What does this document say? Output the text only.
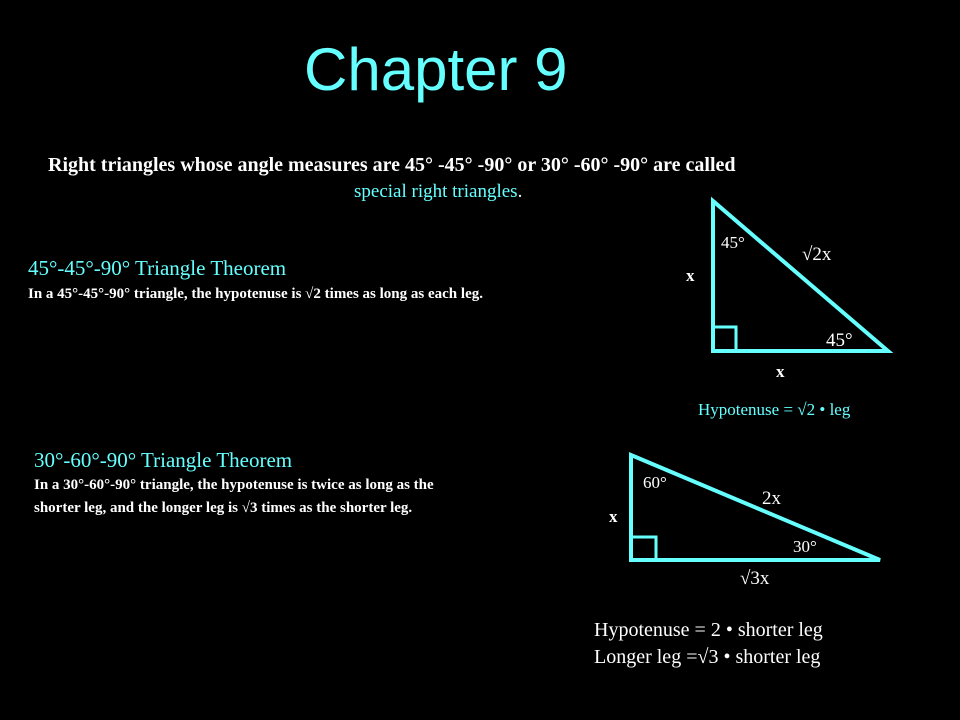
Chapter 9
Right triangles whose angle measures are 45° -45° -90° or 30° -60° -90° are called
special right triangles.
45°-45°-90° Triangle Theorem
In a 45°-45°-90° triangle, the hypotenuse is √2 times as long as each leg.
30°-60°-90° Triangle Theorem
In a 30°-60°-90° triangle, the hypotenuse is twice as long as the
shorter leg, and the longer leg is √3 times as the shorter leg.
45°
√2x
x
45°
x
Hypotenuse = √2 • leg
60°
2x
x
30°
√3x
Hypotenuse = 2 • shorter leg
Longer leg =√3 • shorter leg
